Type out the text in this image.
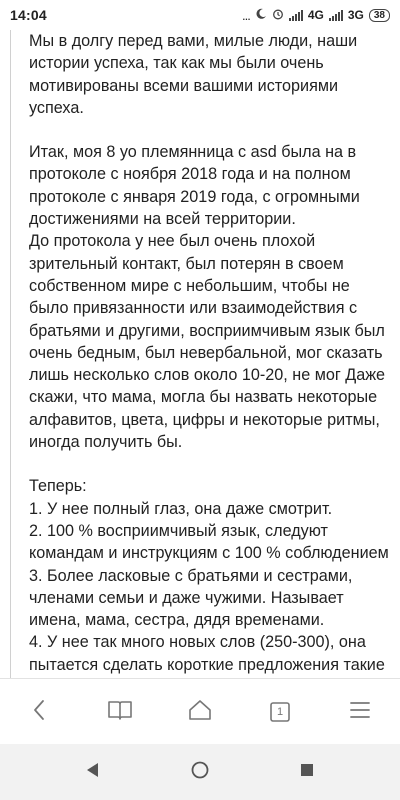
14:04	...	4G 3G	38

Мы в долгу перед вами, милые люди, наши истории успеха, так как мы были очень мотивированы всеми вашими историями успеха.

Итак, моя 8 уо племянница с asd была на в протоколе с ноября 2018 года и на полном протоколе с января 2019 года, с огромными достижениями на всей территории.
До протокола у нее был очень плохой зрительный контакт, был потерян в своем собственном мире с небольшим, чтобы не было привязанности или взаимодействия с братьями и другими, восприимчивым язык был очень бедным, был невербальной, мог сказать лишь несколько слов около 10-20, не мог Даже скажи, что мама, могла бы назвать некоторые алфавитов, цвета, цифры и некоторые ритмы, иногда получить бы.

Теперь:
1. У нее полный глаз, она даже смотрит.
2. 100 % восприимчивый язык, следуют командам и инструкциям с 100 % соблюдением
3. Более ласковые с братьями и сестрами, членами семьи и даже чужими. Называет имена, мама, сестра, дядя временами.
4. У нее так много новых слов (250-300), она пытается сделать короткие предложения такие

1
